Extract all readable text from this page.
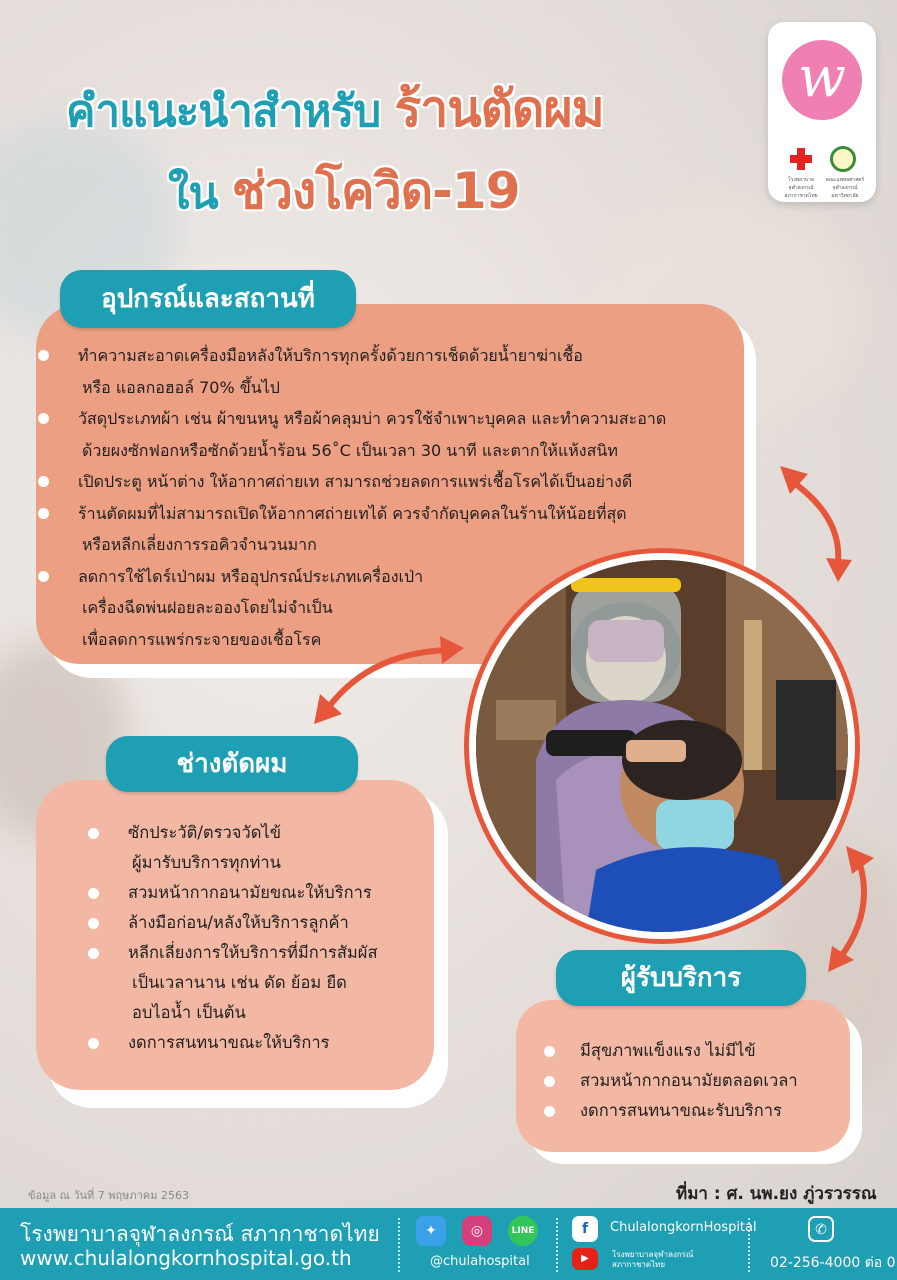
คำแนะนำสำหรับ ร้านตัดผม
ใน ช่วงโควิด-19
w
โรงพยาบาลจุฬาลงกรณ์ สภากาชาดไทย
คณะแพทยศาสตร์ จุฬาลงกรณ์มหาวิทยาลัย
อุปกรณ์และสถานที่
ทำความสะอาดเครื่องมือหลังให้บริการทุกครั้งด้วยการเช็ดด้วยน้ำยาฆ่าเชื้อ
หรือ แอลกอฮอล์ 70% ขึ้นไป
วัสดุประเภทผ้า เช่น ผ้าขนหนู หรือผ้าคลุมบ่า ควรใช้จำเพาะบุคคล และทำความสะอาด
ด้วยผงซักฟอกหรือซักด้วยน้ำร้อน 56˚C เป็นเวลา 30 นาที และตากให้แห้งสนิท
เปิดประตู หน้าต่าง ให้อากาศถ่ายเท สามารถช่วยลดการแพร่เชื้อโรคได้เป็นอย่างดี
ร้านตัดผมที่ไม่สามารถเปิดให้อากาศถ่ายเทได้ ควรจำกัดบุคคลในร้านให้น้อยที่สุด
หรือหลีกเลี่ยงการรอคิวจำนวนมาก
ลดการใช้ไดร์เป่าผม หรืออุปกรณ์ประเภทเครื่องเป่า
เครื่องฉีดพ่นฝอยละอองโดยไม่จำเป็น
เพื่อลดการแพร่กระจายของเชื้อโรค
ช่างตัดผม
ซักประวัติ/ตรวจวัดไข้
ผู้มารับบริการทุกท่าน
สวมหน้ากากอนามัยขณะให้บริการ
ล้างมือก่อน/หลังให้บริการลูกค้า
หลีกเลี่ยงการให้บริการที่มีการสัมผัส
เป็นเวลานาน เช่น ดัด ย้อม ยืด
อบไอน้ำ เป็นต้น
งดการสนทนาขณะให้บริการ
ผู้รับบริการ
มีสุขภาพแข็งแรง ไม่มีไข้
สวมหน้ากากอนามัยตลอดเวลา
งดการสนทนาขณะรับบริการ
ข้อมูล ณ วันที่ 7 พฤษภาคม 2563	ที่มา : ศ. นพ.ยง ภู่วรวรรณ
โรงพยาบาลจุฬาลงกรณ์ สภากาชาดไทย
www.chulalongkornhospital.go.th
✦	◎	LINE
@chulahospital
f	ChulalongkornHospital
▶	โรงพยาบาลจุฬาลงกรณ์ สภากาชาดไทย
✆
02-256-4000 ต่อ 0
